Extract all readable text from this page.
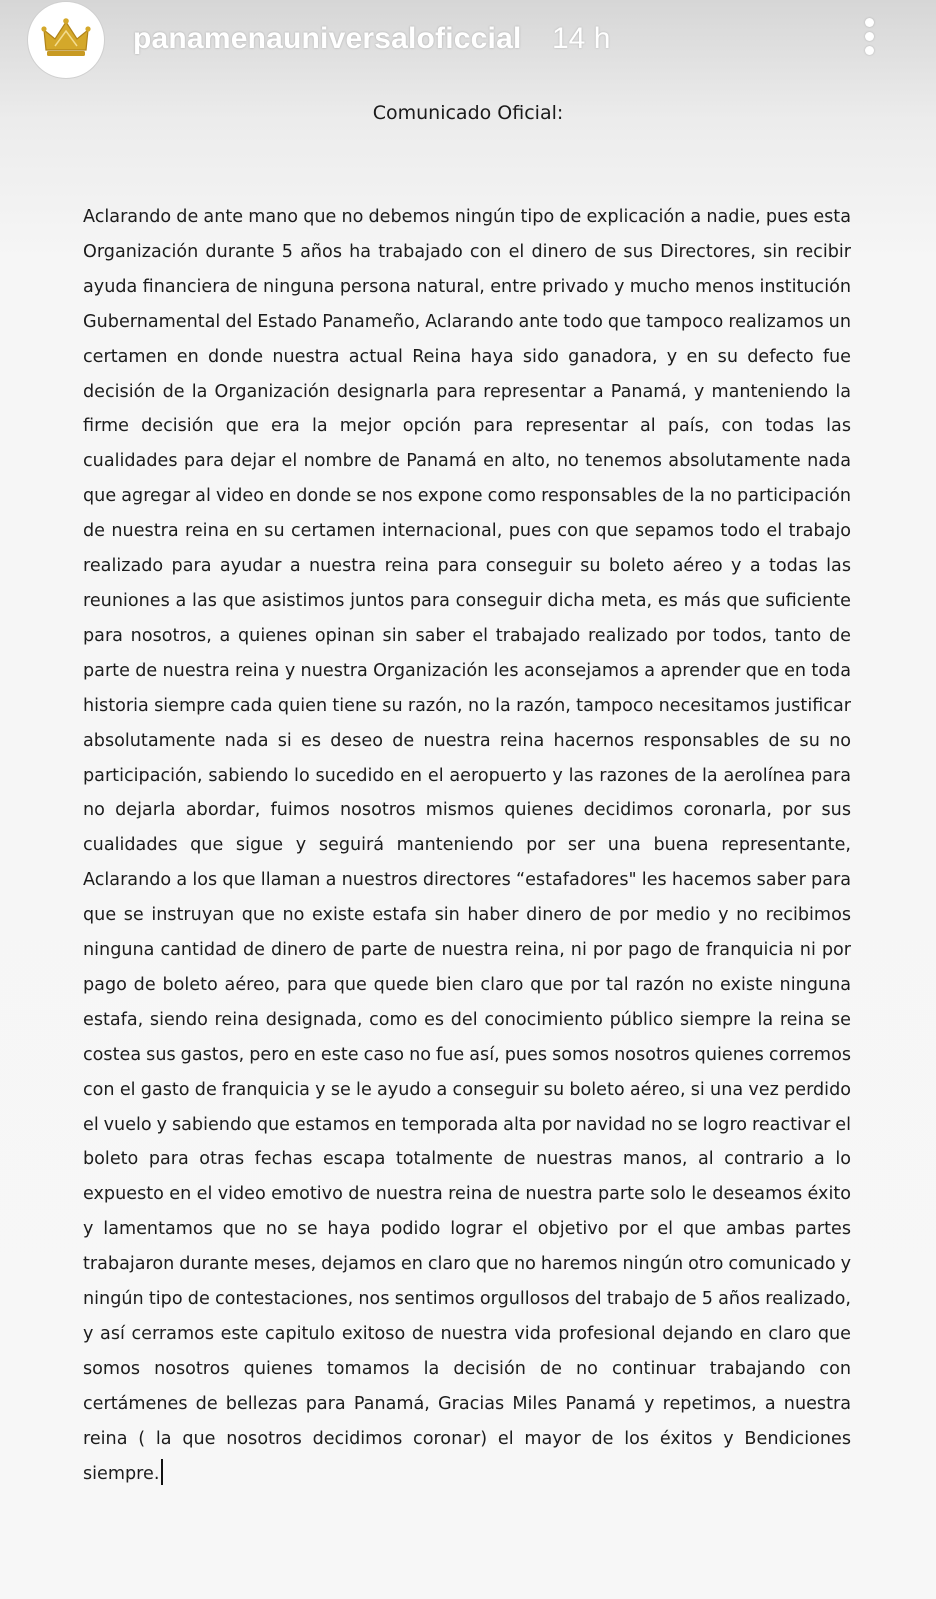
panamenauniversaloficcial 14 h
Comunicado Oficial:

Aclarando de ante mano que no debemos ningún tipo de explicación a nadie, pues esta Organización durante 5 años ha trabajado con el dinero de sus Directores, sin recibir ayuda financiera de ninguna persona natural, entre privado y mucho menos institución Gubernamental del Estado Panameño, Aclarando ante todo que tampoco realizamos un certamen en donde nuestra actual Reina haya sido ganadora, y en su defecto fue decisión de la Organización designarla para representar a Panamá, y manteniendo la firme decisión que era la mejor opción para representar al país, con todas las cualidades para dejar el nombre de Panamá en alto, no tenemos absolutamente nada que agregar al video en donde se nos expone como responsables de la no participación de nuestra reina en su certamen internacional, pues con que sepamos todo el trabajo realizado para ayudar a nuestra reina para conseguir su boleto aéreo y a todas las reuniones a las que asistimos juntos para conseguir dicha meta, es más que suficiente para nosotros, a quienes opinan sin saber el trabajado realizado por todos, tanto de parte de nuestra reina y nuestra Organización les aconsejamos a aprender que en toda historia siempre cada quien tiene su razón, no la razón, tampoco necesitamos justificar absolutamente nada si es deseo de nuestra reina hacernos responsables de su no participación, sabiendo lo sucedido en el aeropuerto y las razones de la aerolínea para no dejarla abordar, fuimos nosotros mismos quienes decidimos coronarla, por sus cualidades que sigue y seguirá manteniendo por ser una buena representante, Aclarando a los que llaman a nuestros directores “estafadores" les hacemos saber para que se instruyan que no existe estafa sin haber dinero de por medio y no recibimos ninguna cantidad de dinero de parte de nuestra reina, ni por pago de franquicia ni por pago de boleto aéreo, para que quede bien claro que por tal razón no existe ninguna estafa, siendo reina designada, como es del conocimiento público siempre la reina se costea sus gastos, pero en este caso no fue así, pues somos nosotros quienes corremos con el gasto de franquicia y se le ayudo a conseguir su boleto aéreo, si una vez perdido el vuelo y sabiendo que estamos en temporada alta por navidad no se logro reactivar el boleto para otras fechas escapa totalmente de nuestras manos, al contrario a lo expuesto en el video emotivo de nuestra reina de nuestra parte solo le deseamos éxito y lamentamos que no se haya podido lograr el objetivo por el que ambas partes trabajaron durante meses, dejamos en claro que no haremos ningún otro comunicado y ningún tipo de contestaciones, nos sentimos orgullosos del trabajo de 5 años realizado, y así cerramos este capitulo exitoso de nuestra vida profesional dejando en claro que somos nosotros quienes tomamos la decisión de no continuar trabajando con certámenes de bellezas para Panamá, Gracias Miles Panamá y repetimos, a nuestra reina ( la que nosotros decidimos coronar) el mayor de los éxitos y Bendiciones siempre.
